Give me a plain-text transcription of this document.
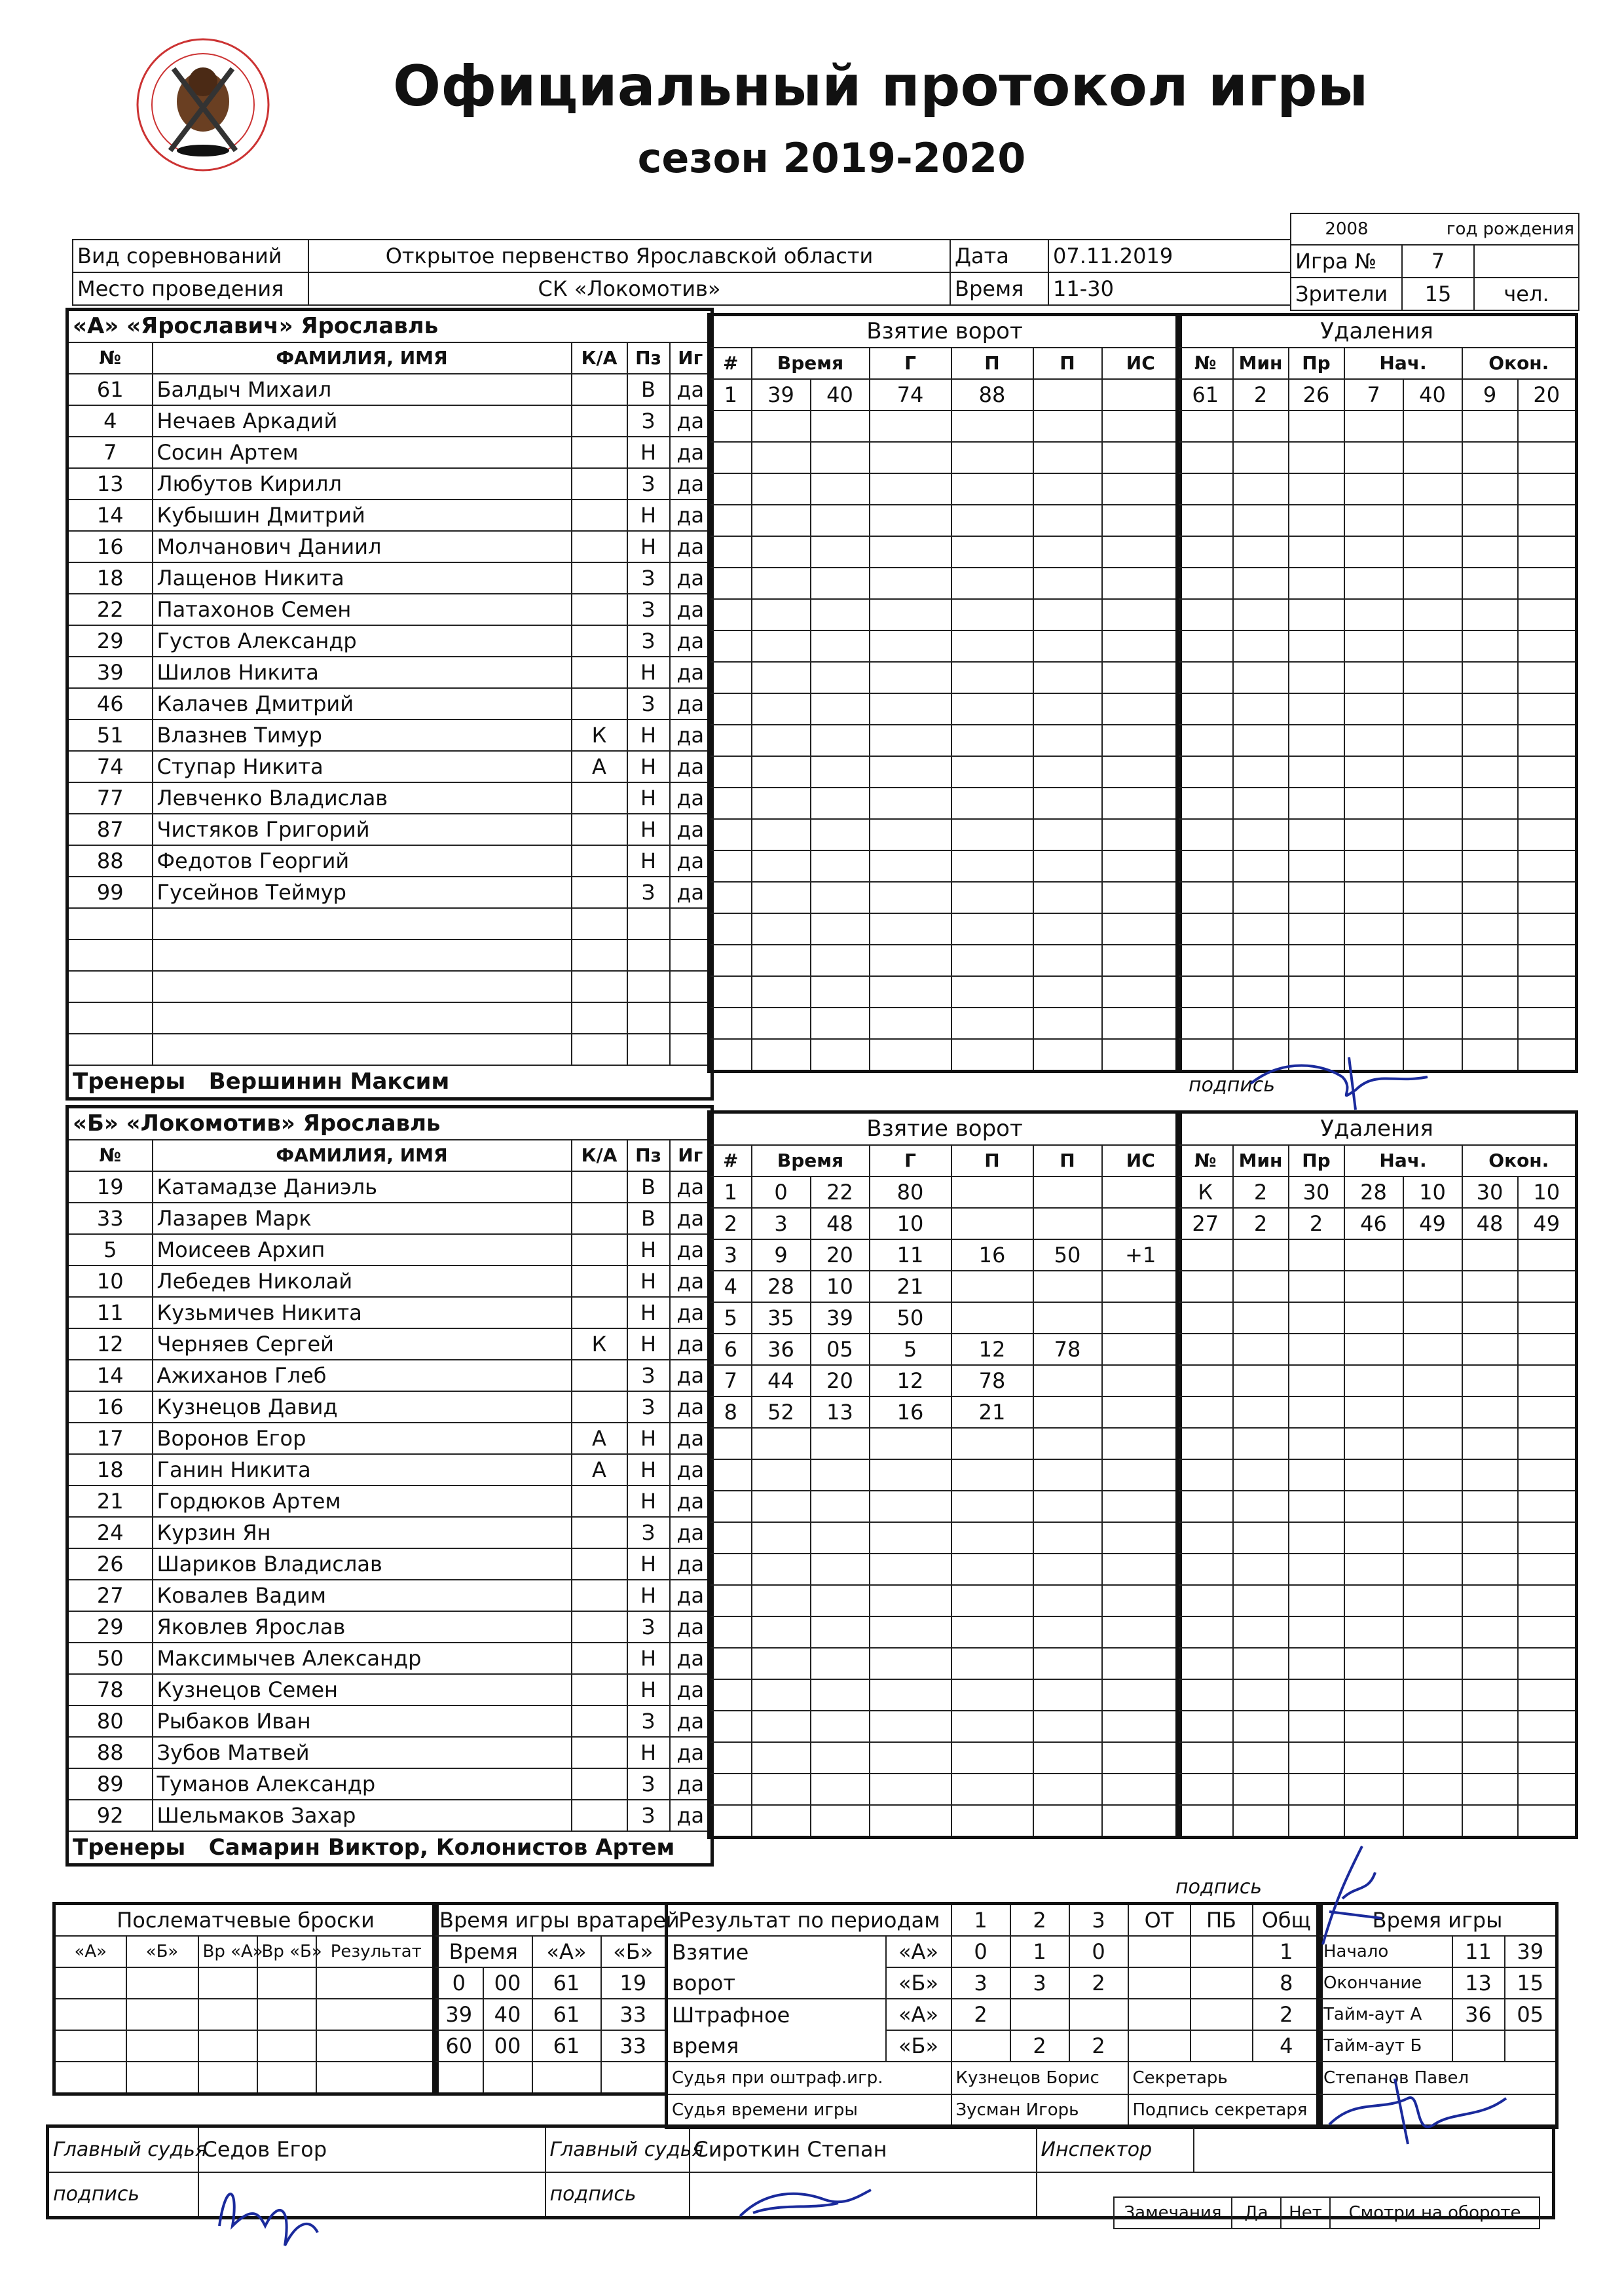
Официальный протокол игры
сезон 2019-2020
Вид соревнований	Открытое первенство Ярославской области	Дата	07.11.2019
Место проведения	СК «Локомотив»	Время	11-30
2008	год рождения	
Игра №	7	
Зрители	15	чел.
«А» «Ярославич» Ярославль				
№	ФАМИЛИЯ, ИМЯ	К/А	Пз	Иг
61	Балдыч Михаил		В	да
4	Нечаев Аркадий		З	да
7	Сосин Артем		Н	да
13	Любутов Кирилл		З	да
14	Кубышин Дмитрий		Н	да
16	Молчанович Даниил		Н	да
18	Лащенов Никита		З	да
22	Патахонов Семен		З	да
29	Густов Александр		З	да
39	Шилов Никита		Н	да
46	Калачев Дмитрий		З	да
51	Влазнев Тимур	К	Н	да
74	Ступар Никита	А	Н	да
77	Левченко Владислав		Н	да
87	Чистяков Григорий		Н	да
88	Федотов Георгий		Н	да
99	Гусейнов Теймур		З	да

Тренеры Вершинин Максим				
Взятие ворот						
#	Время		Г	П	П	ИС
1	39	40	74	88		

Удаления						
№	Мин	Пр	Нач.		Окон.	
61	2	26	7	40	9	20

«Б» «Локомотив» Ярославль				
№	ФАМИЛИЯ, ИМЯ	К/А	Пз	Иг
19	Катамадзе Даниэль		В	да
33	Лазарев Марк		В	да
5	Моисеев Архип		Н	да
10	Лебедев Николай		Н	да
11	Кузьмичев Никита		Н	да
12	Черняев Сергей	К	Н	да
14	Ажиханов Глеб		З	да
16	Кузнецов Давид		З	да
17	Воронов Егор	А	Н	да
18	Ганин Никита	А	Н	да
21	Гордюков Артем		Н	да
24	Курзин Ян		З	да
26	Шариков Владислав		Н	да
27	Ковалев Вадим		Н	да
29	Яковлев Ярослав		З	да
50	Максимычев Александр		Н	да
78	Кузнецов Семен		Н	да
80	Рыбаков Иван		З	да
88	Зубов Матвей		Н	да
89	Туманов Александр		З	да
92	Шельмаков Захар		З	да
Тренеры Самарин Виктор, Колонистов Артем				
Взятие ворот						
#	Время		Г	П	П	ИС
1	0	22	80			
2	3	48	10			
3	9	20	11	16	50	+1
4	28	10	21			
5	35	39	50			
6	36	05	5	12	78	
7	44	20	12	78		
8	52	13	16	21		

Удаления						
№	Мин	Пр	Нач.		Окон.	
К	2	30	28	10	30	10
27	2	2	46	49	48	49

Послематчевые броски				
«А»	«Б»	Вр «А»	Вр «Б»	Результат

Время игры вратарей			
Время		«А»	«Б»
0	00	61	19
39	40	61	33
60	00	61	33

Результат по периодам		1	2	3	ОТ	ПБ	Общ
Взятие	«А»	0	1	0			1
ворот	«Б»	3	3	2			8
Штрафное	«А»	2					2
время	«Б»		2	2			4
Судья при оштраф.игр.		Кузнецов Борис			Секретарь		
Судья времени игры		Зусман Игорь			Подпись секретаря		
Время игры		
Начало	11	39
Окончание	13	15
Тайм-аут А	36	05
Тайм-аут Б		
Степанов Павел		

Главный судья	Седов Егор	Главный судья	Сироткин Степан	Инспектор	
подпись		подпись			
Замечания	Да	Нет	Смотри на обороте
подпись
подпись
